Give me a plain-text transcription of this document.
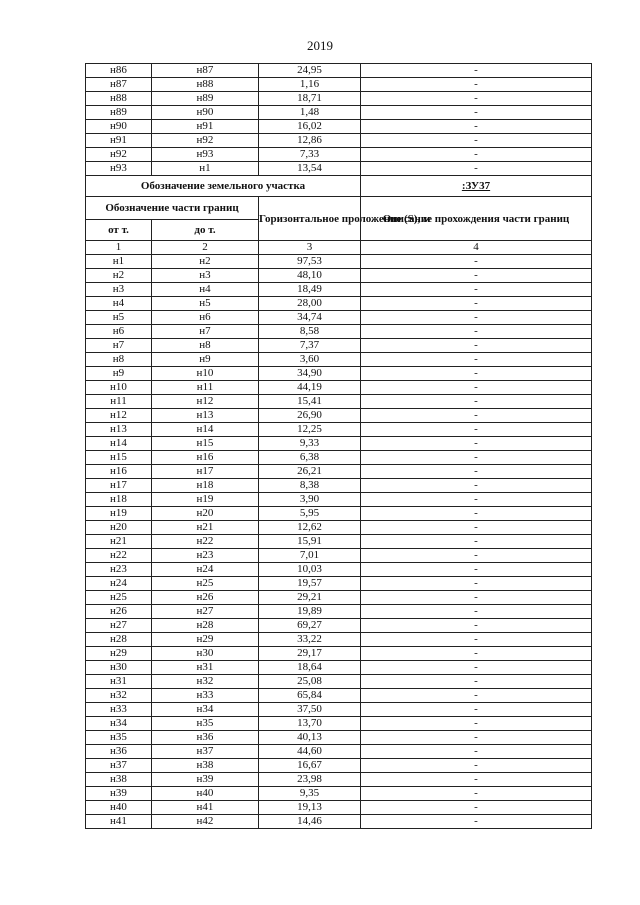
2019
н86	н87	24,95	-
н87	н88	1,16	-
н88	н89	18,71	-
н89	н90	1,48	-
н90	н91	16,02	-
н91	н92	12,86	-
н92	н93	7,33	-
н93	н1	13,54	-
Обозначение земельного участка			:ЗУ37
Обозначение части границ		Горизонтальное проложение (S), м	Описание прохождения части границ
от т.	до т.		
1	2	3	4
н1	н2	97,53	-
н2	н3	48,10	-
н3	н4	18,49	-
н4	н5	28,00	-
н5	н6	34,74	-
н6	н7	8,58	-
н7	н8	7,37	-
н8	н9	3,60	-
н9	н10	34,90	-
н10	н11	44,19	-
н11	н12	15,41	-
н12	н13	26,90	-
н13	н14	12,25	-
н14	н15	9,33	-
н15	н16	6,38	-
н16	н17	26,21	-
н17	н18	8,38	-
н18	н19	3,90	-
н19	н20	5,95	-
н20	н21	12,62	-
н21	н22	15,91	-
н22	н23	7,01	-
н23	н24	10,03	-
н24	н25	19,57	-
н25	н26	29,21	-
н26	н27	19,89	-
н27	н28	69,27	-
н28	н29	33,22	-
н29	н30	29,17	-
н30	н31	18,64	-
н31	н32	25,08	-
н32	н33	65,84	-
н33	н34	37,50	-
н34	н35	13,70	-
н35	н36	40,13	-
н36	н37	44,60	-
н37	н38	16,67	-
н38	н39	23,98	-
н39	н40	9,35	-
н40	н41	19,13	-
н41	н42	14,46	-
